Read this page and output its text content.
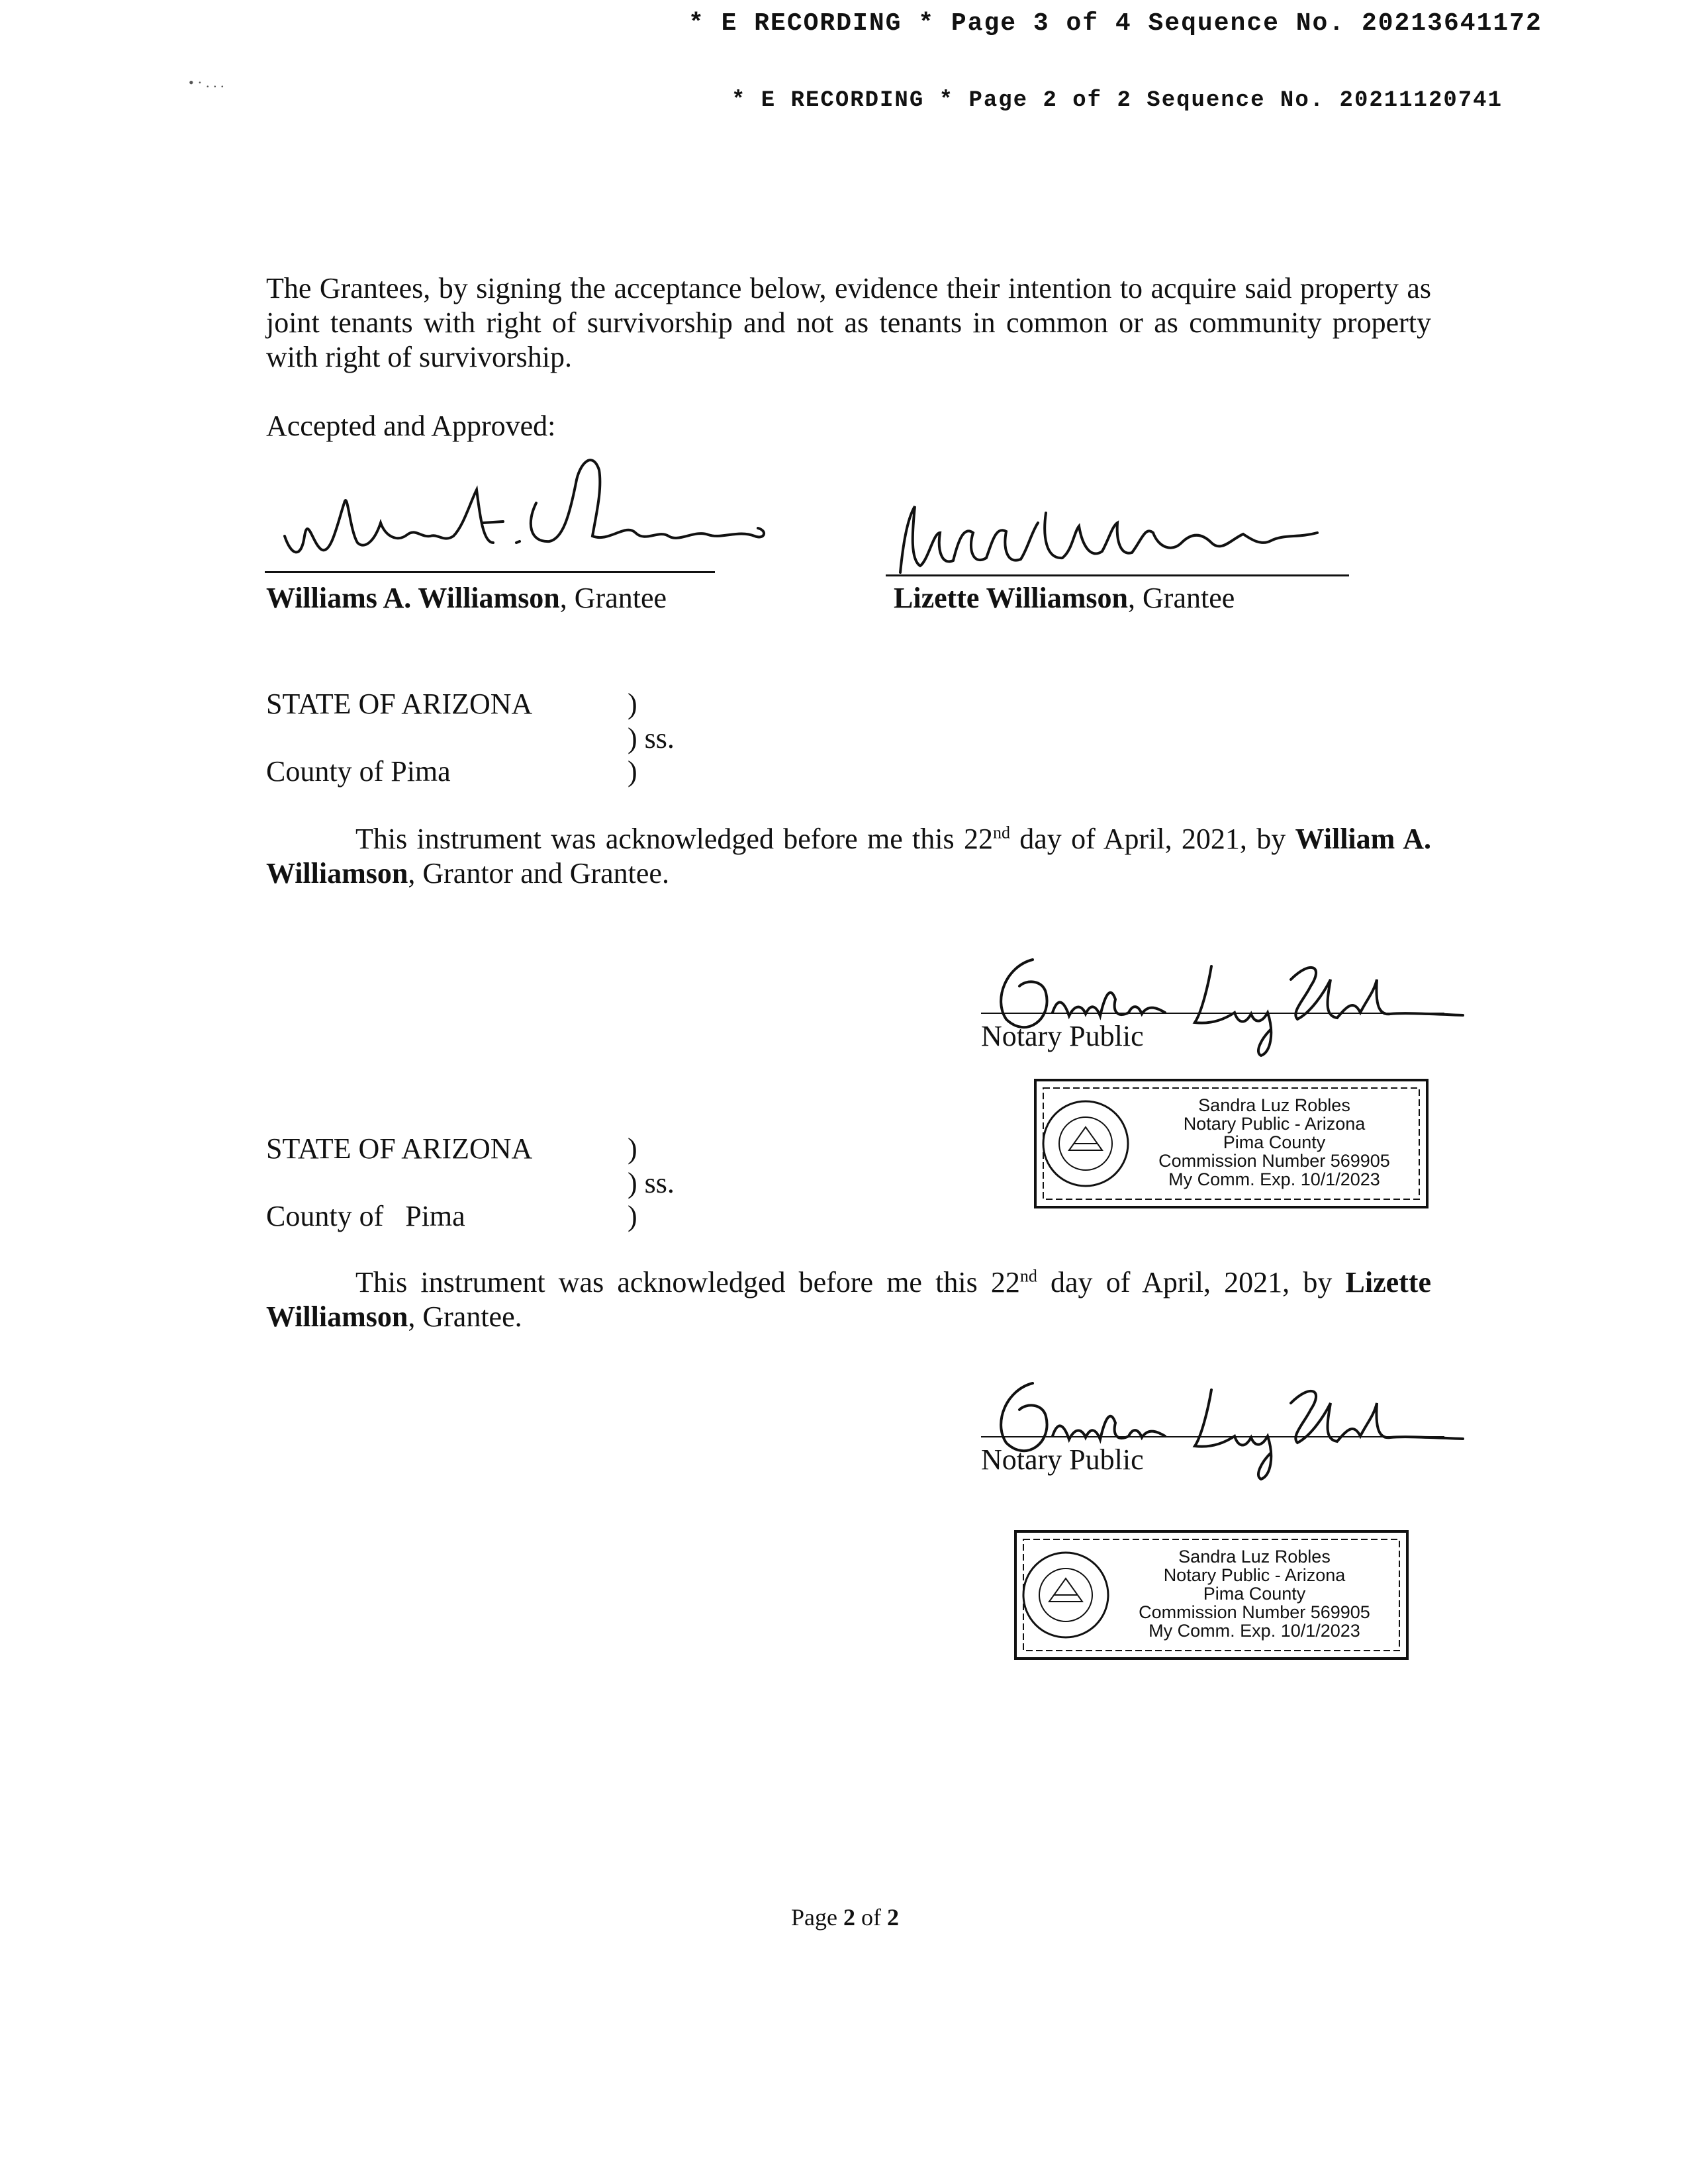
* E RECORDING * Page 3 of 4 Sequence No. 20213641172
* E RECORDING * Page 2 of 2 Sequence No. 20211120741
• · . . .
The Grantees, by signing the acceptance below, evidence their intention to acquire said property as joint tenants with right of survivorship and not as tenants in common or as community property with right of survivorship.
Accepted and Approved:
Williams A. Williamson, Grantee	Lizette Williamson, Grantee
STATE OF ARIZONA	)
) ss.
County of Pima	)
This instrument was acknowledged before me this 22nd day of April, 2021, by William A. Williamson, Grantor and Grantee.
Notary Public
Sandra Luz Robles
Notary Public - Arizona
Pima County
Commission Number 569905
My Comm. Exp. 10/1/2023
STATE OF ARIZONA	)
) ss.
County of   Pima	)
This instrument was acknowledged before me this 22nd day of April, 2021, by Lizette Williamson, Grantee.
Notary Public
Sandra Luz Robles
Notary Public - Arizona
Pima County
Commission Number 569905
My Comm. Exp. 10/1/2023
Page 2 of 2
